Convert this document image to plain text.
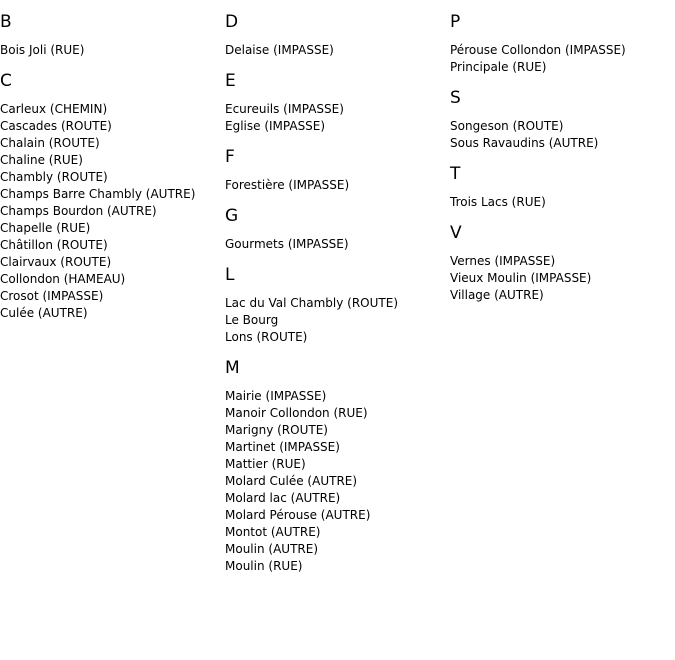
B
Bois Joli (RUE)
C
Carleux (CHEMIN)
Cascades (ROUTE)
Chalain (ROUTE)
Chaline (RUE)
Chambly (ROUTE)
Champs Barre Chambly (AUTRE)
Champs Bourdon (AUTRE)
Chapelle (RUE)
Châtillon (ROUTE)
Clairvaux (ROUTE)
Collondon (HAMEAU)
Crosot (IMPASSE)
Culée (AUTRE)
D
Delaise (IMPASSE)
E
Ecureuils (IMPASSE)
Eglise (IMPASSE)
F
Forestière (IMPASSE)
G
Gourmets (IMPASSE)
L
Lac du Val Chambly (ROUTE)
Le Bourg
Lons (ROUTE)
M
Mairie (IMPASSE)
Manoir Collondon (RUE)
Marigny (ROUTE)
Martinet (IMPASSE)
Mattier (RUE)
Molard Culée (AUTRE)
Molard lac (AUTRE)
Molard Pérouse (AUTRE)
Montot (AUTRE)
Moulin (AUTRE)
Moulin (RUE)
P
Pérouse Collondon (IMPASSE)
Principale (RUE)
S
Songeson (ROUTE)
Sous Ravaudins (AUTRE)
T
Trois Lacs (RUE)
V
Vernes (IMPASSE)
Vieux Moulin (IMPASSE)
Village (AUTRE)
